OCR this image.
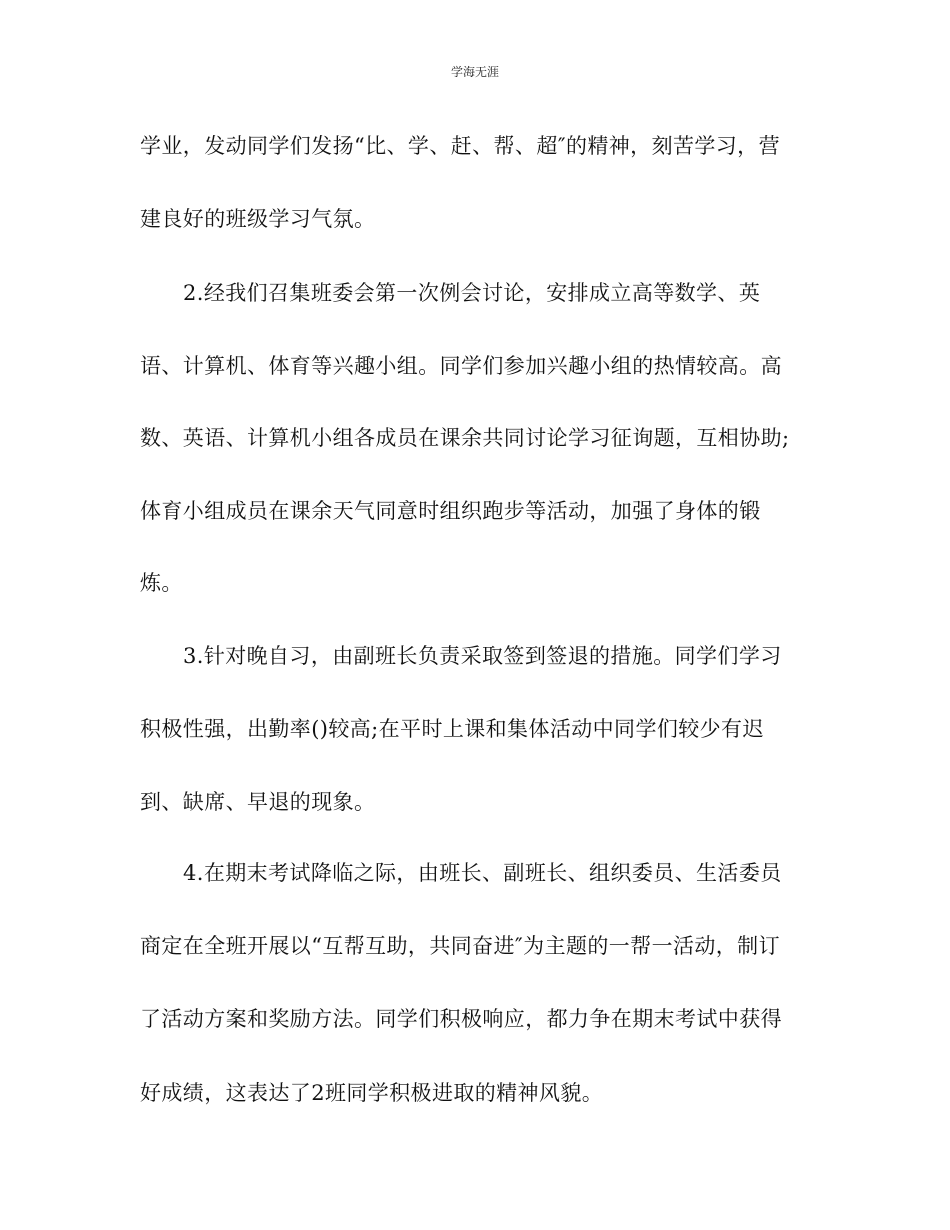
学海无涯
学业，发动同学们发扬“比、学、赶、帮、超″的精神，刻苦学习，营
建良好的班级学习气氛。
2.经我们召集班委会第一次例会讨论，安排成立高等数学、英
语、计算机、体育等兴趣小组。同学们参加兴趣小组的热情较高。高
数、英语、计算机小组各成员在课余共同讨论学习征询题，互相协助;
体育小组成员在课余天气同意时组织跑步等活动，加强了身体的锻
炼。
3.针对晚自习，由副班长负责采取签到签退的措施。同学们学习
积极性强，出勤率()较高;在平时上课和集体活动中同学们较少有迟
到、缺席、早退的现象。
4.在期末考试降临之际，由班长、副班长、组织委员、生活委员
商定在全班开展以“互帮互助，共同奋进″为主题的一帮一活动，制订
了活动方案和奖励方法。同学们积极响应，都力争在期末考试中获得
好成绩，这表达了2班同学积极进取的精神风貌。
